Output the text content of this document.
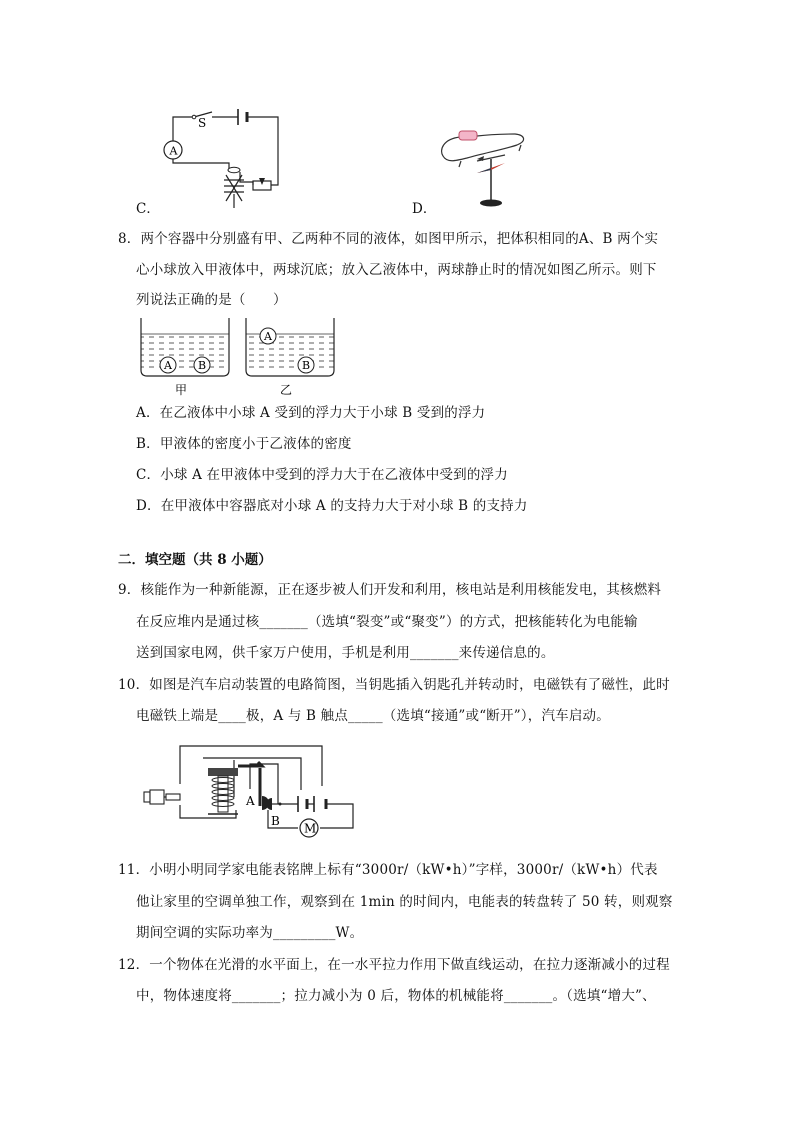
A
S
C．	D．
8．两个容器中分别盛有甲、乙两种不同的液体，如图甲所示，把体积相同的A、B 两个实
心小球放入甲液体中，两球沉底；放入乙液体中，两球静止时的情况如图乙所示。则下
列说法正确的是（　　）
A B
甲
A
B
乙
A．在乙液体中小球 A 受到的浮力大于小球 B 受到的浮力
B．甲液体的密度小于乙液体的密度
C．小球 A 在甲液体中受到的浮力大于在乙液体中受到的浮力
D．在甲液体中容器底对小球 A 的支持力大于对小球 B 的支持力
二．填空题（共 8 小题）
9．核能作为一种新能源，正在逐步被人们开发和利用，核电站是利用核能发电，其核燃料
在反应堆内是通过核_______（选填“裂变”或“聚变”）的方式，把核能转化为电能输
送到国家电网，供千家万户使用，手机是利用_______来传递信息的。
10．如图是汽车启动装置的电路简图，当钥匙插入钥匙孔并转动时，电磁铁有了磁性，此时
电磁铁上端是____极，A 与 B 触点_____（选填“接通”或“断开”），汽车启动。
M
A
B
11．小明小明同学家电能表铭牌上标有“3000r/（kW•h）”字样，3000r/（kW•h）代表
他让家里的空调单独工作，观察到在 1min 的时间内，电能表的转盘转了 50 转，则观察
期间空调的实际功率为_________W。
12．一个物体在光滑的水平面上，在一水平拉力作用下做直线运动，在拉力逐渐减小的过程
中，物体速度将_______；拉力减小为 0 后，物体的机械能将_______。（选填“增大”、
